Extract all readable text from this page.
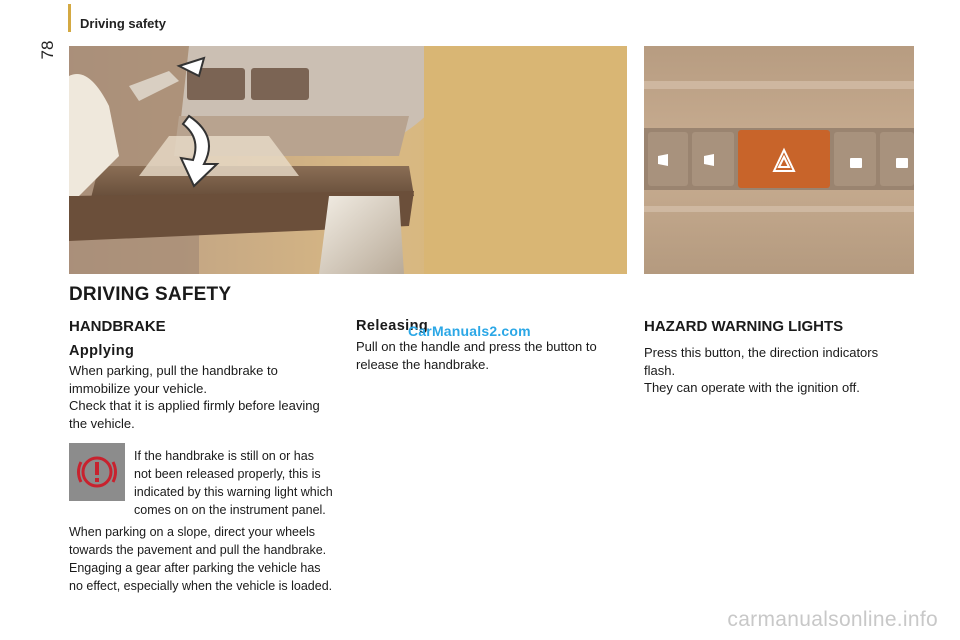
78
Driving safety
DRIVING SAFETY
HANDBRAKE
Applying
When parking, pull the handbrake to
immobilize your vehicle.
Check that it is applied firmly before leaving
the vehicle.
If the handbrake is still on or has
not been released properly, this is
indicated by this warning light which
comes on on the instrument panel.
When parking on a slope, direct your wheels
towards the pavement and pull the handbrake.
Engaging a gear after parking the vehicle has
no effect, especially when the vehicle is loaded.
Releasing
Pull on the handle and press the button to
release the handbrake.
HAZARD WARNING LIGHTS
Press this button, the direction indicators
flash.
They can operate with the ignition off.
CarManuals2.com
carmanualsonline.info
